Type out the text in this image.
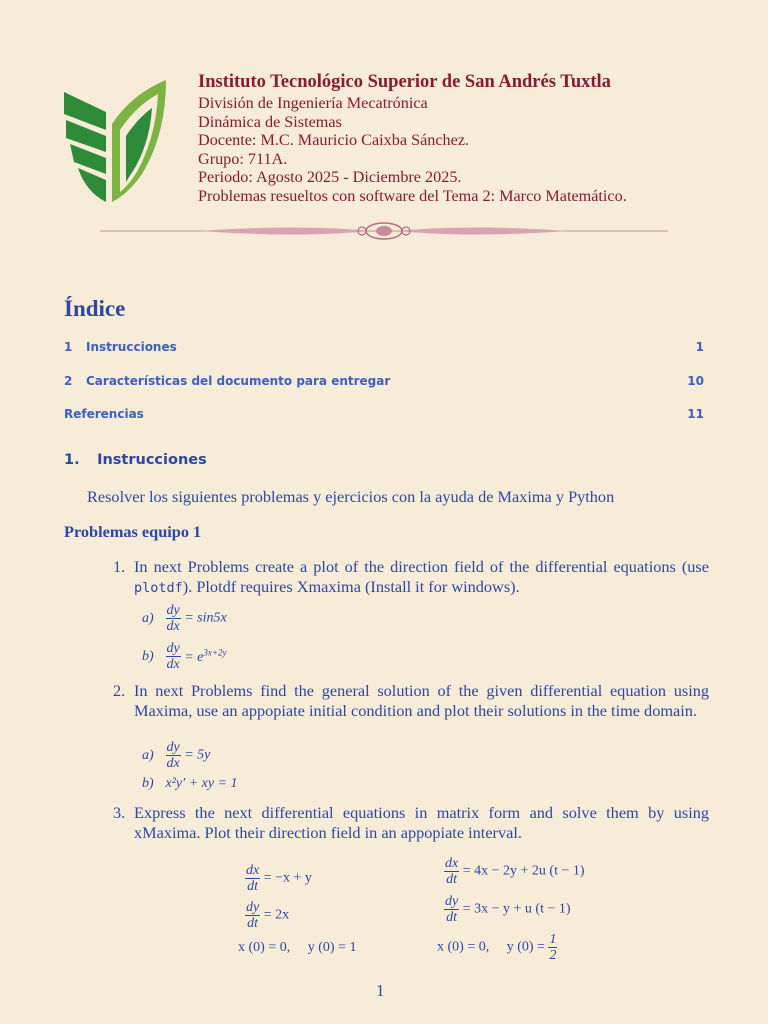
Instituto Tecnológico Superior de San Andrés Tuxtla
División de Ingeniería Mecatrónica
Dinámica de Sistemas
Docente: M.C. Mauricio Caixba Sánchez.
Grupo: 711A.
Periodo: Agosto 2025 - Diciembre 2025.
Problemas resueltos con software del Tema 2: Marco Matemático.
Índice
1 Instrucciones	1
2 Características del documento para entregar	10
Referencias	11
1. Instrucciones
Resolver los siguientes problemas y ejercicios con la ayuda de Maxima y Python
Problemas equipo 1
1. In next Problems create a plot of the direction field of the differential equations (use plotdf). Plotdf requires Xmaxima (Install it for windows).
$a) \frac{dy}{dx} = \sin 5x$
$b) \frac{dy}{dx} = e^{3x+2y}$
2. In next Problems find the general solution of the given differential equation using Maxima, use an appopiate initial condition and plot their solutions in the time domain.
$a) \frac{dy}{dx} = 5y$
b) x²y′ + xy = 1
3. Express the next differential equations in matrix form and solve them by using xMaxima. Plot their direction field in an appopiate interval.
$\frac{dx}{dt} = -x + y$
$\frac{dy}{dt} = 2x$
x (0) = 0,     y (0) = 1
$\frac{dx}{dt} = 4x - 2y + 2u$ (t − 1)
$\frac{dy}{dt} = 3x - y + u$ (t − 1)
x (0) = 0,     y $(0) = \frac{1}{2}$
1
